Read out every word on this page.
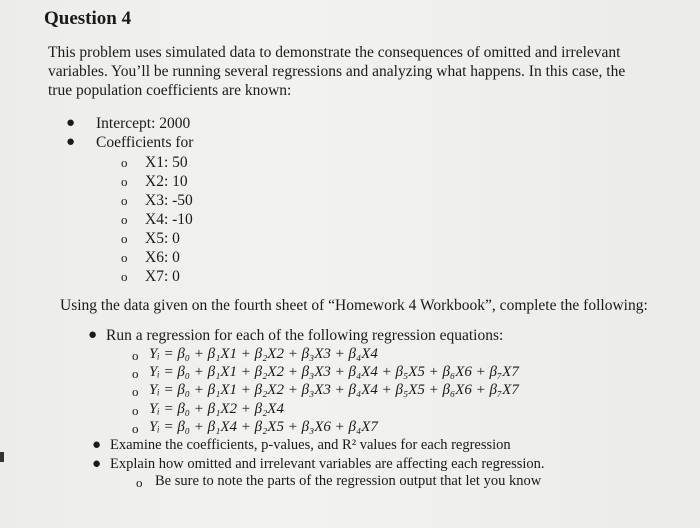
Question 4
This problem uses simulated data to demonstrate the consequences of omitted and irrelevant variables. You’ll be running several regressions and analyzing what happens. In this case, the true population coefficients are known:
● Intercept: 2000
● Coefficients for
o X1: 50
o X2: 10
o X3: -50
o X4: -10
o X5: 0
o X6: 0
o X7: 0
Using the data given on the fourth sheet of “Homework 4 Workbook”, complete the following:
● Run a regression for each of the following regression equations:
o Yᵢ = β₀ + β₁X1 + β₂X2 + β₃X3 + β₄X4
o Yᵢ = β₀ + β₁X1 + β₂X2 + β₃X3 + β₄X4 + β₅X5 + β₆X6 + β₇X7
o Yᵢ = β₀ + β₁X1 + β₂X2 + β₃X3 + β₄X4 + β₅X5 + β₆X6 + β₇X7
o Yᵢ = β₀ + β₁X2 + β₂X4
o Yᵢ = β₀ + β₁X4 + β₂X5 + β₃X6 + β₄X7
● Examine the coefficients, p-values, and R² values for each regression
● Explain how omitted and irrelevant variables are affecting each regression.
o Be sure to note the parts of the regression output that let you know
